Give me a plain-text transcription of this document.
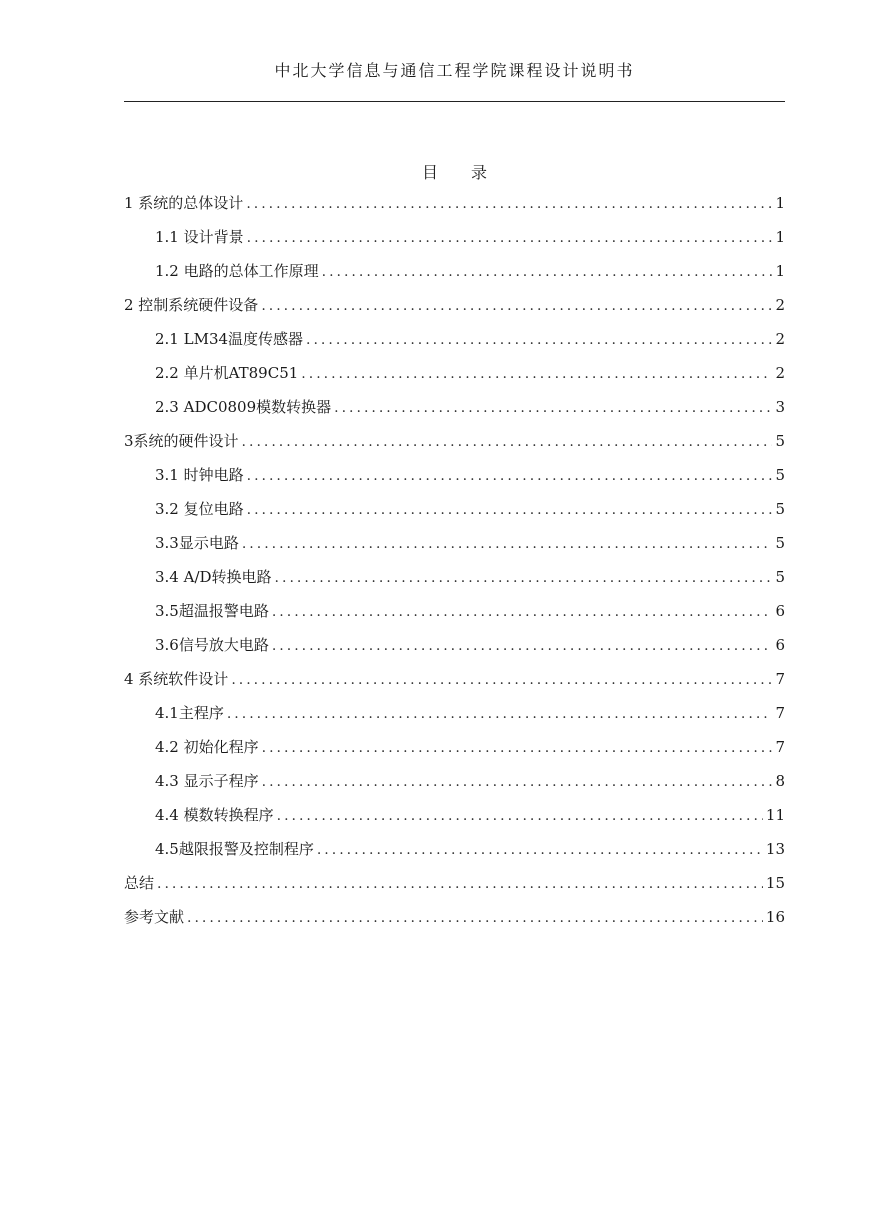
中北大学信息与通信工程学院课程设计说明书
目 录
1 系统的总体设计 .....	1
1.1 设计背景 .....	1
1.2 电路的总体工作原理 .....	1
2 控制系统硬件设备 .....	2
2.1 LM34温度传感器 .....	2
2.2 单片机AT89C51 .....	2
2.3 ADC0809模数转换器 .....	3
3系统的硬件设计 .....	5
3.1 时钟电路 .....	5
3.2 复位电路 .....	5
3.3显示电路 .....	5
3.4 A/D转换电路 .....	5
3.5超温报警电路 .....	6
3.6信号放大电路 .....	6
4 系统软件设计 .....	7
4.1主程序 .....	7
4.2 初始化程序 .....	7
4.3 显示子程序 .....	8
4.4 模数转换程序 .....	11
4.5越限报警及控制程序 .....	13
总结 .....	15
参考文献 .....	16
